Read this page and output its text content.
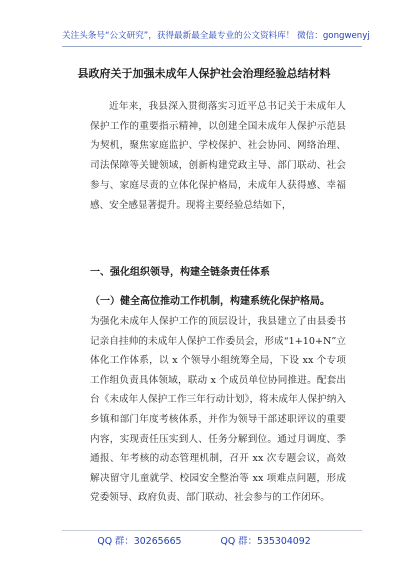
关注头条号“公文研究”，获得最新最全最专业的公文资料库！ 微信：gongwenyj
县政府关于加强未成年人保护社会治理经验总结材料

近年来，我县深入贯彻落实习近平总书记关于未成年人保护工作的重要指示精神，以创建全国未成年人保护示范县为契机，聚焦家庭监护、学校保护、社会协同、网络治理、司法保障等关键领域，创新构建党政主导、部门联动、社会参与、家庭尽责的立体化保护格局，未成年人获得感、幸福感、安全感显著提升。现将主要经验总结如下，

一、强化组织领导，构建全链条责任体系
（一）健全高位推动工作机制，构建系统化保护格局。

为强化未成年人保护工作的顶层设计，我县建立了由县委书记亲自挂帅的未成年人保护工作委员会，形成“1+10+N”立体化工作体系，以 x 个领导小组统筹全局，下设 xx 个专项工作组负责具体领域，联动 x 个成员单位协同推进。配套出台《未成年人保护工作三年行动计划》，将未成年人保护纳入乡镇和部门年度考核体系，并作为领导干部述职评议的重要内容，实现责任压实到人、任务分解到位。通过月调度、季通报、年考核的动态管理机制，召开 xx 次专题会议，高效解决留守儿童就学、校园安全整治等 xx 项难点问题，形成党委领导、政府负责、部门联动、社会参与的工作闭环。

QQ 群：30265665	QQ 群：535304092
